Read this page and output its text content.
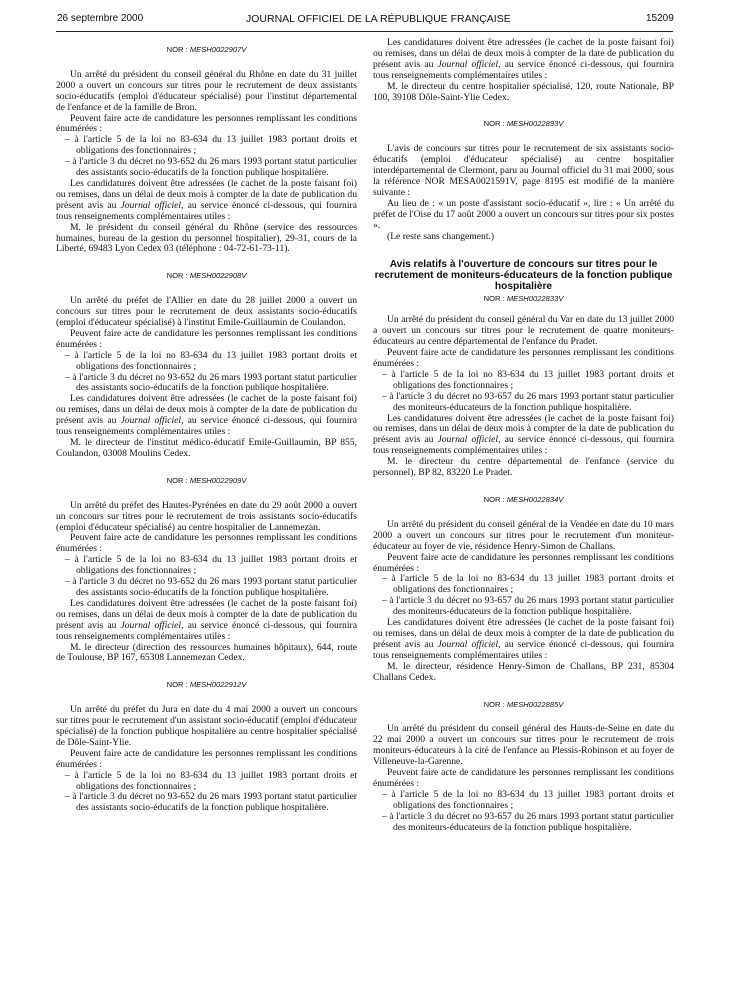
26 septembre 2000	JOURNAL OFFICIEL DE LA RÉPUBLIQUE FRANÇAISE	15209

NOR : MESH0022907V

Un arrêté du président du conseil général du Rhône en date du 31 juillet 2000 a ouvert un concours sur titres pour le recrutement de deux assistants socio-éducatifs (emploi d'éducateur spécialisé) pour l'institut départemental de l'enfance et de la famille de Bron.

Peuvent faire acte de candidature les personnes remplissant les conditions énumérées :

– à l'article 5 de la loi no 83-634 du 13 juillet 1983 portant droits et obligations des fonctionnaires ;
– à l'article 3 du décret no 93-652 du 26 mars 1993 portant statut particulier des assistants socio-éducatifs de la fonction publique hospitalière.

Les candidatures doivent être adressées (le cachet de la poste faisant foi) ou remises, dans un délai de deux mois à compter de la date de publication du présent avis au Journal officiel, au service énoncé ci-dessous, qui fournira tous renseignements complémentaires utiles :

M. le président du conseil général du Rhône (service des ressources humaines, bureau de la gestion du personnel hospitalier), 29-31, cours de la Liberté, 69483 Lyon Cedex 03 (téléphone : 04-72-61-73-11).

NOR : MESH0022908V

Un arrêté du préfet de l'Allier en date du 28 juillet 2000 a ouvert un concours sur titres pour le recrutement de deux assistants socio-éducatifs (emploi d'éducateur spécialisé) à l'institut Emile-Guillaumin de Coulandon.

Peuvent faire acte de candidature les personnes remplissant les conditions énumérées :

– à l'article 5 de la loi no 83-634 du 13 juillet 1983 portant droits et obligations des fonctionnaires ;
– à l'article 3 du décret no 93-652 du 26 mars 1993 portant statut particulier des assistants socio-éducatifs de la fonction publique hospitalière.

Les candidatures doivent être adressées (le cachet de la poste faisant foi) ou remises, dans un délai de deux mois à compter de la date de publication du présent avis au Journal officiel, au service énoncé ci-dessous, qui fournira tous renseignements complémentaires utiles :

M. le directeur de l'institut médico-éducatif Emile-Guillaumin, BP 855, Coulandon, 03008 Moulins Cedex.

NOR : MESH0022909V

Un arrêté du préfet des Hautes-Pyrénées en date du 29 août 2000 a ouvert un concours sur titres pour le recrutement de trois assistants socio-éducatifs (emploi d'éducateur spécialisé) au centre hospitalier de Lannemezan.

Peuvent faire acte de candidature les personnes remplissant les conditions énumérées :

– à l'article 5 de la loi no 83-634 du 13 juillet 1983 portant droits et obligations des fonctionnaires ;
– à l'article 3 du décret no 93-652 du 26 mars 1993 portant statut particulier des assistants socio-éducatifs de la fonction publique hospitalière.

Les candidatures doivent être adressées (le cachet de la poste faisant foi) ou remises, dans un délai de deux mois à compter de la date de publication du présent avis au Journal officiel, au service énoncé ci-dessous, qui fournira tous renseignements complémentaires utiles :

M. le directeur (direction des ressources humaines hôpitaux), 644, route de Toulouse, BP 167, 65308 Lannemezan Cedex.

NOR : MESH0022912V

Un arrêté du préfet du Jura en date du 4 mai 2000 a ouvert un concours sur titres pour le recrutement d'un assistant socio-éducatif (emploi d'éducateur spécialisé) de la fonction publique hospitalière au centre hospitalier spécialisé de Dôle-Saint-Ylie.

Peuvent faire acte de candidature les personnes remplissant les conditions énumérées :

– à l'article 5 de la loi no 83-634 du 13 juillet 1983 portant droits et obligations des fonctionnaires ;
– à l'article 3 du décret no 93-652 du 26 mars 1993 portant statut particulier des assistants socio-éducatifs de la fonction publique hospitalière.

Les candidatures doivent être adressées (le cachet de la poste faisant foi) ou remises, dans un délai de deux mois à compter de la date de publication du présent avis au Journal officiel, au service énoncé ci-dessous, qui fournira tous renseignements complémentaires utiles :

M. le directeur du centre hospitalier spécialisé, 120, route Nationale, BP 100, 39108 Dôle-Saint-Ylie Cedex.

NOR : MESH0022893V

L'avis de concours sur titres pour le recrutement de six assistants socio-éducatifs (emploi d'éducateur spécialisé) au centre hospitalier interdépartemental de Clermont, paru au Journal officiel du 31 mai 2000, sous la référence NOR MESA0021591V, page 8195 est modifié de la manière suivante :

Au lieu de : « un poste d'assistant socio-éducatif », lire : « Un arrêté du préfet de l'Oise du 17 août 2000 a ouvert un concours sur titres pour six postes ».

(Le reste sans changement.)

Avis relatifs à l'ouverture de concours sur titres pour le recrutement de moniteurs-éducateurs de la fonction publique hospitalière

NOR : MESH0022833V

Un arrêté du président du conseil général du Var en date du 13 juillet 2000 a ouvert un concours sur titres pour le recrutement de quatre moniteurs-éducateurs au centre départemental de l'enfance du Pradet.

Peuvent faire acte de candidature les personnes remplissant les conditions énumérées :

– à l'article 5 de la loi no 83-634 du 13 juillet 1983 portant droits et obligations des fonctionnaires ;
– à l'article 3 du décret no 93-657 du 26 mars 1993 portant statut particulier des moniteurs-éducateurs de la fonction publique hospitalière.

Les candidatures doivent être adressées (le cachet de la poste faisant foi) ou remises, dans un délai de deux mois à compter de la date de publication du présent avis au Journal officiel, au service énoncé ci-dessous, qui fournira tous renseignements complémentaires utiles :

M. le directeur du centre départemental de l'enfance (service du personnel), BP 82, 83220 Le Pradet.

NOR : MESH0022834V

Un arrêté du président du conseil général de la Vendée en date du 10 mars 2000 a ouvert un concours sur titres pour le recrutement d'un moniteur-éducateur au foyer de vie, résidence Henry-Simon de Challans.

Peuvent faire acte de candidature les personnes remplissant les conditions énumérées :

– à l'article 5 de la loi no 83-634 du 13 juillet 1983 portant droits et obligations des fonctionnaires ;
– à l'article 3 du décret no 93-657 du 26 mars 1993 portant statut particulier des moniteurs-éducateurs de la fonction publique hospitalière.

Les candidatures doivent être adressées (le cachet de la poste faisant foi) ou remises, dans un délai de deux mois à compter de la date de publication du présent avis au Journal officiel, au service énoncé ci-dessous, qui fournira tous renseignements complémentaires utiles :

M. le directeur, résidence Henry-Simon de Challans, BP 231, 85304 Challans Cedex.

NOR : MESH0022885V

Un arrêté du président du conseil général des Hauts-de-Seine en date du 22 mai 2000 a ouvert un concours sur titres pour le recrutement de trois moniteurs-éducateurs à la cité de l'enfance au Plessis-Robinson et au foyer de Villeneuve-la-Garenne.

Peuvent faire acte de candidature les personnes remplissant les conditions énumérées :

– à l'article 5 de la loi no 83-634 du 13 juillet 1983 portant droits et obligations des fonctionnaires ;
– à l'article 3 du décret no 93-657 du 26 mars 1993 portant statut particulier des moniteurs-éducateurs de la fonction publique hospitalière.
